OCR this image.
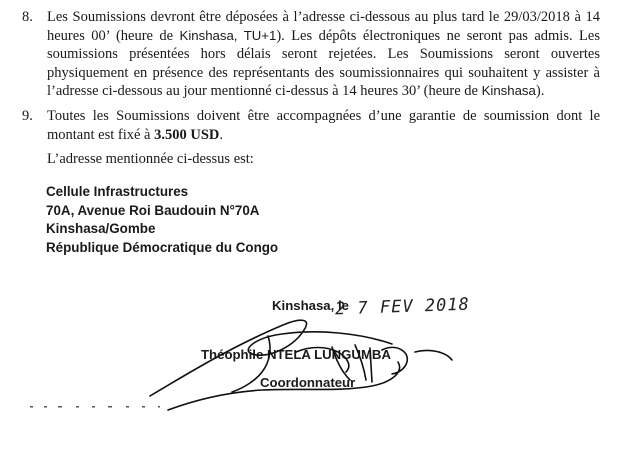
8. Les Soumissions devront être déposées à l’adresse ci-dessous au plus tard le 29/03/2018 à 14 heures 00’ (heure de Kinshasa, TU+1). Les dépôts électroniques ne seront pas admis. Les soumissions présentées hors délais seront rejetées. Les Soumissions seront ouvertes physiquement en présence des représentants des soumissionnaires qui souhaitent y assister à l’adresse ci-dessous au jour mentionné ci-dessus à 14 heures 30’ (heure de Kinshasa).

9. Toutes les Soumissions doivent être accompagnées d’une garantie de soumission dont le montant est fixé à 3.500 USD.

L’adresse mentionnée ci-dessus est:
Cellule Infrastructures
70A, Avenue Roi Baudouin N°70A
Kinshasa/Gombe
République Démocratique du Congo
Kinshasa, le
2 7 FEV 2018
Théophile NTELA LUNGUMBA
Coordonnateur
